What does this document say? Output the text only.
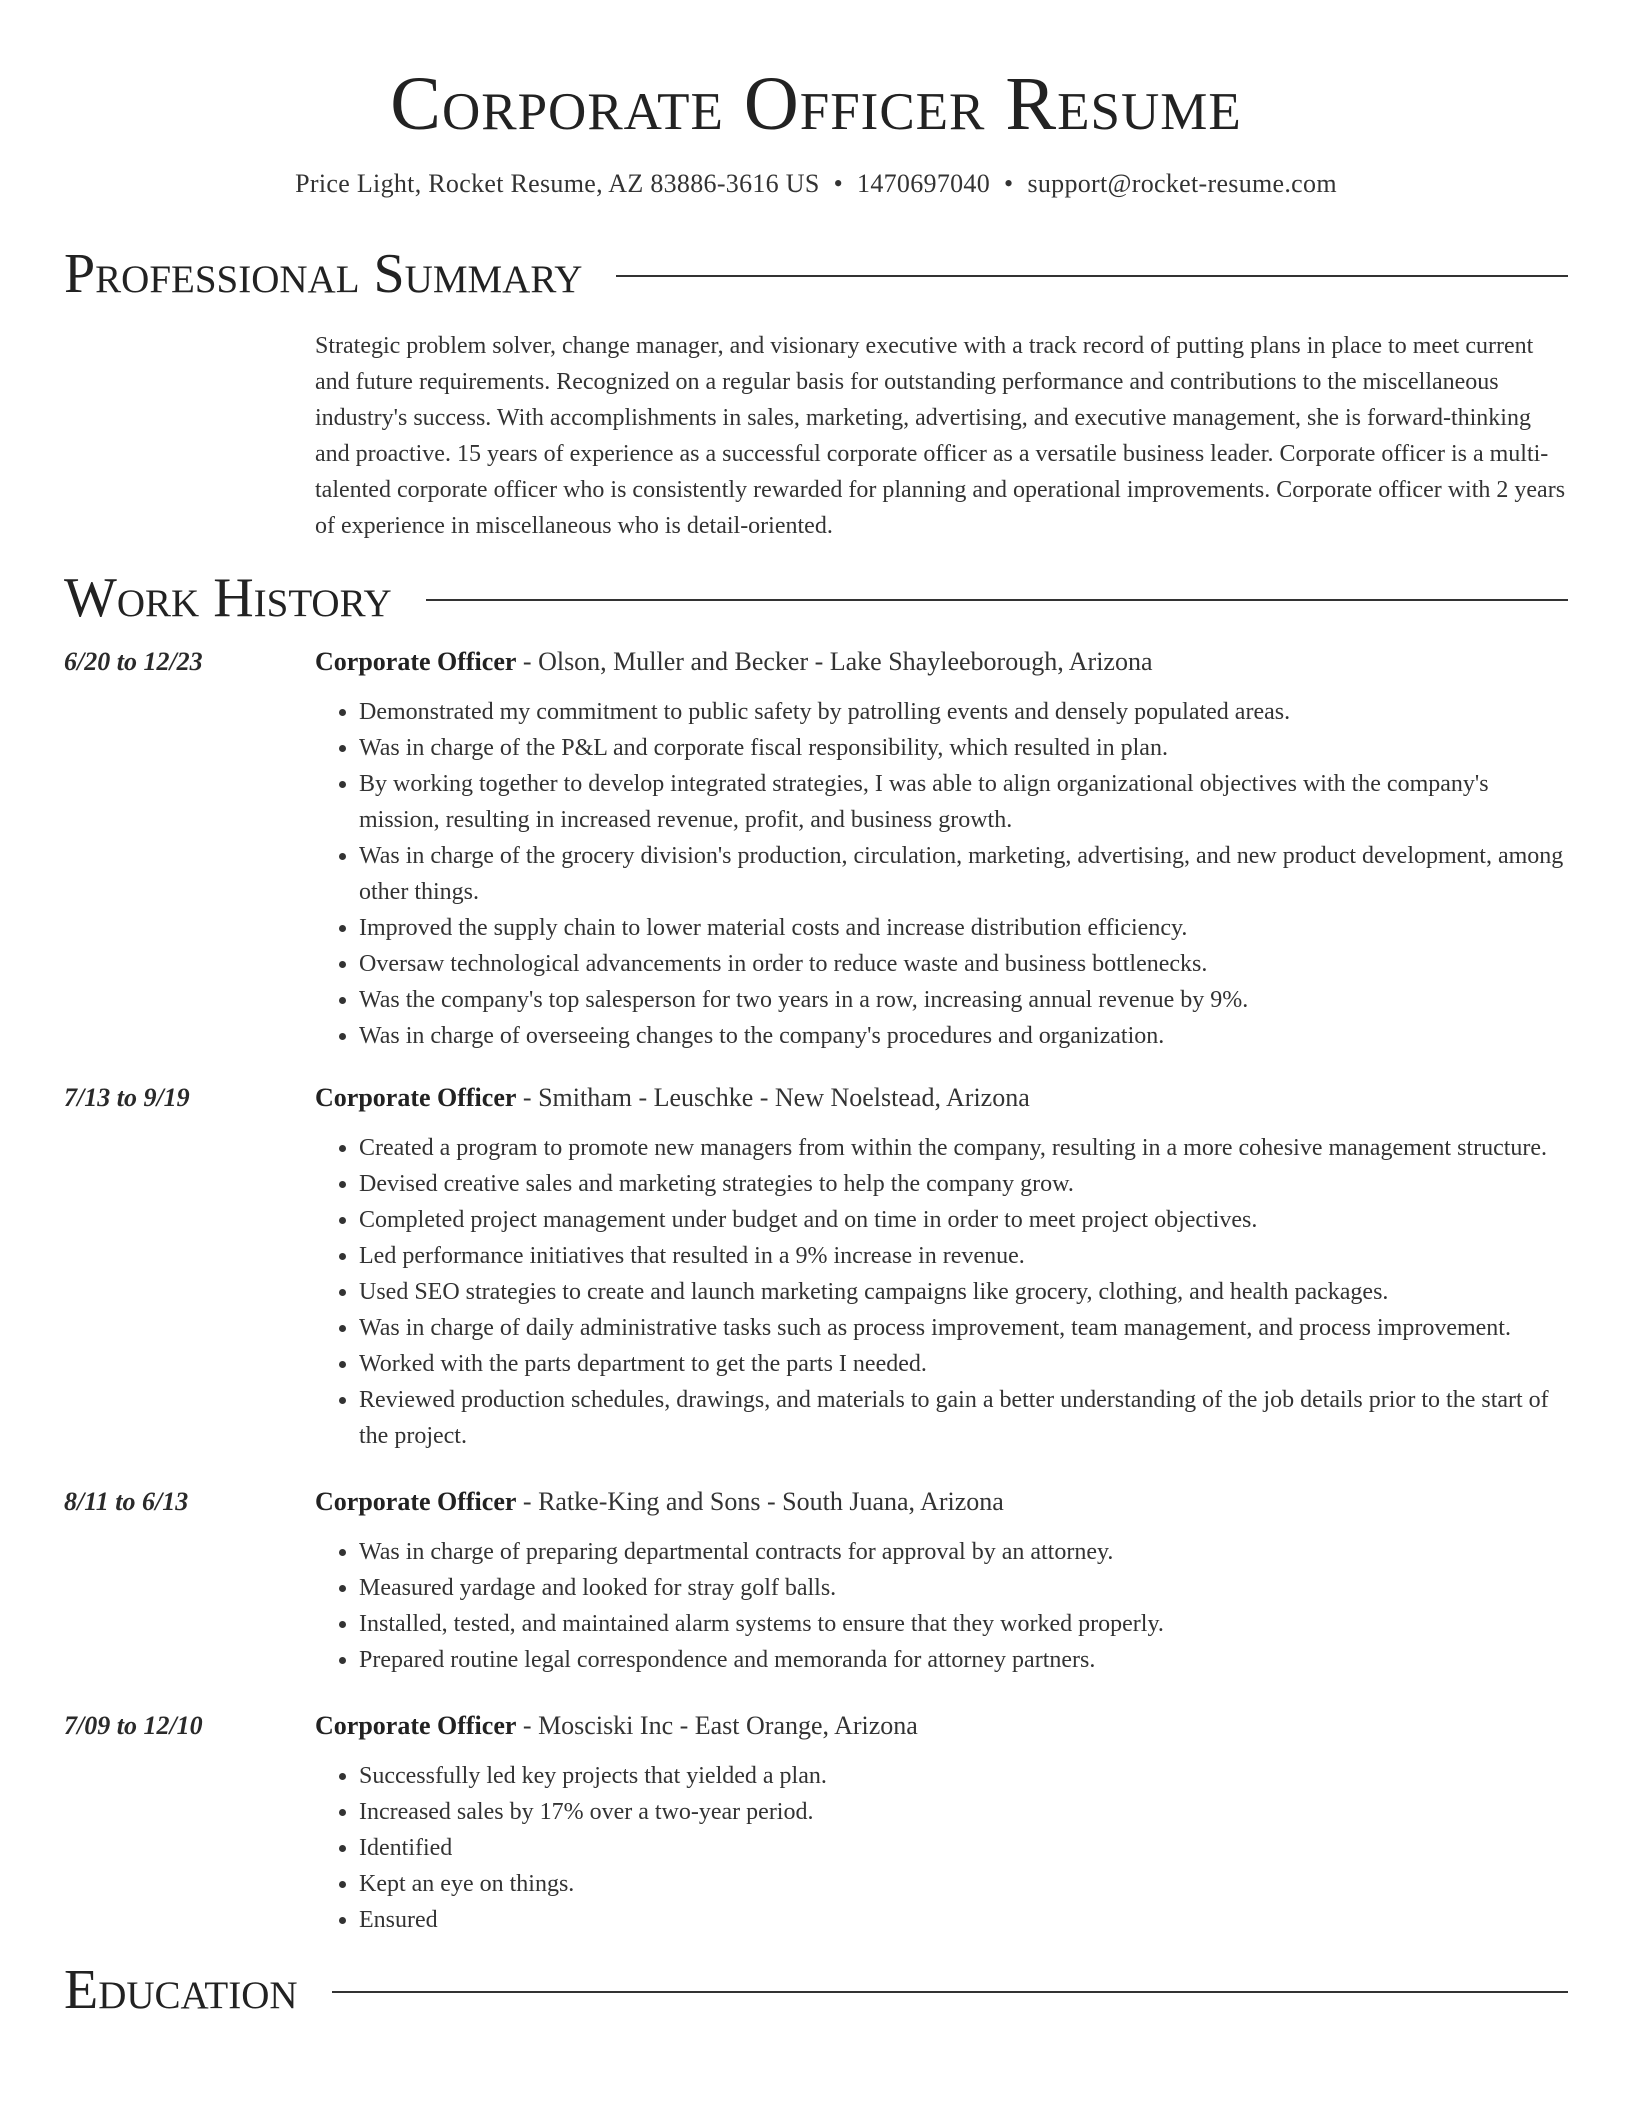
Corporate Officer Resume
Price Light, Rocket Resume, AZ 83886-3616 US • 1470697040 • support@rocket-resume.com
Professional Summary
Strategic problem solver, change manager, and visionary executive with a track record of putting plans in place to meet current and future requirements. Recognized on a regular basis for outstanding performance and contributions to the miscellaneous industry's success. With accomplishments in sales, marketing, advertising, and executive management, she is forward-thinking and proactive. 15 years of experience as a successful corporate officer as a versatile business leader. Corporate officer is a multi-talented corporate officer who is consistently rewarded for planning and operational improvements. Corporate officer with 2 years of experience in miscellaneous who is detail-oriented.
Work History
6/20 to 12/23	Corporate Officer - Olson, Muller and Becker - Lake Shayleeborough, Arizona
• Demonstrated my commitment to public safety by patrolling events and densely populated areas.
• Was in charge of the P&L and corporate fiscal responsibility, which resulted in plan.
• By working together to develop integrated strategies, I was able to align organizational objectives with the company's mission, resulting in increased revenue, profit, and business growth.
• Was in charge of the grocery division's production, circulation, marketing, advertising, and new product development, among other things.
• Improved the supply chain to lower material costs and increase distribution efficiency.
• Oversaw technological advancements in order to reduce waste and business bottlenecks.
• Was the company's top salesperson for two years in a row, increasing annual revenue by 9%.
• Was in charge of overseeing changes to the company's procedures and organization.
7/13 to 9/19	Corporate Officer - Smitham - Leuschke - New Noelstead, Arizona
• Created a program to promote new managers from within the company, resulting in a more cohesive management structure.
• Devised creative sales and marketing strategies to help the company grow.
• Completed project management under budget and on time in order to meet project objectives.
• Led performance initiatives that resulted in a 9% increase in revenue.
• Used SEO strategies to create and launch marketing campaigns like grocery, clothing, and health packages.
• Was in charge of daily administrative tasks such as process improvement, team management, and process improvement.
• Worked with the parts department to get the parts I needed.
• Reviewed production schedules, drawings, and materials to gain a better understanding of the job details prior to the start of the project.
8/11 to 6/13	Corporate Officer - Ratke-King and Sons - South Juana, Arizona
• Was in charge of preparing departmental contracts for approval by an attorney.
• Measured yardage and looked for stray golf balls.
• Installed, tested, and maintained alarm systems to ensure that they worked properly.
• Prepared routine legal correspondence and memoranda for attorney partners.
7/09 to 12/10	Corporate Officer - Mosciski Inc - East Orange, Arizona
• Successfully led key projects that yielded a plan.
• Increased sales by 17% over a two-year period.
• Identified
• Kept an eye on things.
• Ensured
Education
